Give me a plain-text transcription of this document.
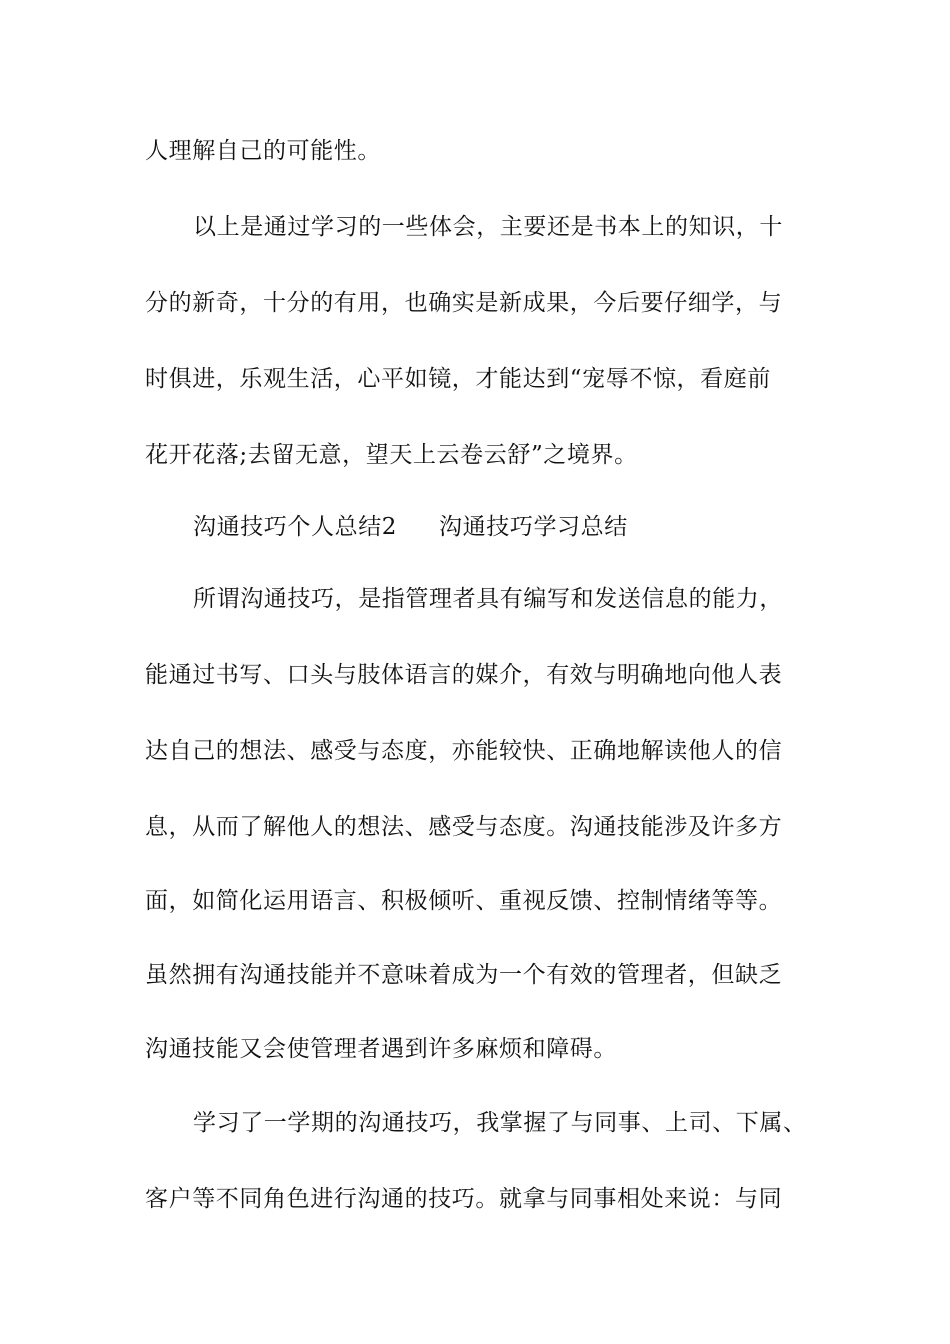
人理解自己的可能性。
以上是通过学习的一些体会，主要还是书本上的知识，十
分的新奇，十分的有用，也确实是新成果，今后要仔细学，与
时俱进，乐观生活，心平如镜，才能达到“宠辱不惊，看庭前
花开花落;去留无意，望天上云卷云舒”之境界。
沟通技巧个人总结2 沟通技巧学习总结
所谓沟通技巧，是指管理者具有编写和发送信息的能力，
能通过书写、口头与肢体语言的媒介，有效与明确地向他人表
达自己的想法、感受与态度，亦能较快、正确地解读他人的信
息，从而了解他人的想法、感受与态度。沟通技能涉及许多方
面，如简化运用语言、积极倾听、重视反馈、控制情绪等等。
虽然拥有沟通技能并不意味着成为一个有效的管理者，但缺乏
沟通技能又会使管理者遇到许多麻烦和障碍。
学习了一学期的沟通技巧，我掌握了与同事、上司、下属、
客户等不同角色进行沟通的技巧。就拿与同事相处来说：与同
